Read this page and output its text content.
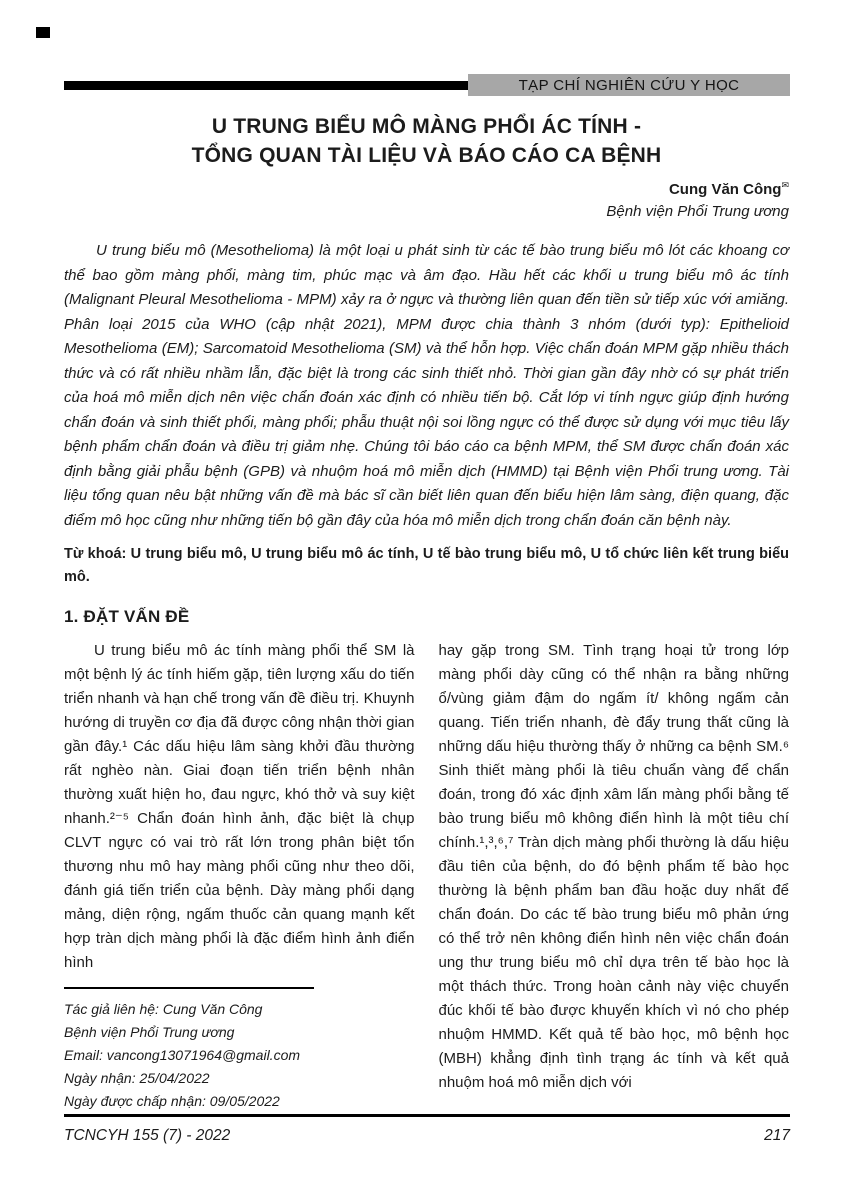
TẠP CHÍ NGHIÊN CỨU Y HỌC
U TRUNG BIỂU MÔ MÀNG PHỔI ÁC TÍNH -
TỔNG QUAN TÀI LIỆU VÀ BÁO CÁO CA BỆNH
Cung Văn Công✉
Bệnh viện Phổi Trung ương

U trung biểu mô (Mesothelioma) là một loại u phát sinh từ các tế bào trung biểu mô lót các khoang cơ thể bao gồm màng phổi, màng tim, phúc mạc và âm đạo. Hầu hết các khối u trung biểu mô ác tính (Malignant Pleural Mesothelioma - MPM) xảy ra ở ngực và thường liên quan đến tiền sử tiếp xúc với amiăng. Phân loại 2015 của WHO (cập nhật 2021), MPM được chia thành 3 nhóm (dưới typ): Epithelioid Mesothelioma (EM); Sarcomatoid Mesothelioma (SM) và thể hỗn hợp. Việc chẩn đoán MPM gặp nhiều thách thức và có rất nhiều nhầm lẫn, đặc biệt là trong các sinh thiết nhỏ. Thời gian gần đây nhờ có sự phát triển của hoá mô miễn dịch nên việc chẩn đoán xác định có nhiều tiến bộ. Cắt lớp vi tính ngực giúp định hướng chẩn đoán và sinh thiết phổi, màng phổi; phẫu thuật nội soi lồng ngực có thể được sử dụng với mục tiêu lấy bệnh phẩm chẩn đoán và điều trị giảm nhẹ. Chúng tôi báo cáo ca bệnh MPM, thể SM được chẩn đoán xác định bằng giải phẫu bệnh (GPB) và nhuộm hoá mô miễn dịch (HMMD) tại Bệnh viện Phổi trung ương. Tài liệu tổng quan nêu bật những vấn đề mà bác sĩ cần biết liên quan đến biểu hiện lâm sàng, điện quang, đặc điểm mô học cũng như những tiến bộ gần đây của hóa mô miễn dịch trong chẩn đoán căn bệnh này.

Từ khoá: U trung biểu mô, U trung biểu mô ác tính, U tế bào trung biểu mô, U tổ chức liên kết trung biểu mô.

1. ĐẶT VẤN ĐỀ

U trung biểu mô ác tính màng phổi thể SM là một bệnh lý ác tính hiếm gặp, tiên lượng xấu do tiến triển nhanh và hạn chế trong vấn đề điều trị. Khuynh hướng di truyền cơ địa đã được công nhận thời gian gần đây.¹ Các dấu hiệu lâm sàng khởi đầu thường rất nghèo nàn. Giai đoạn tiến triển bệnh nhân thường xuất hiện ho, đau ngực, khó thở và suy kiệt nhanh.²⁻⁵ Chẩn đoán hình ảnh, đặc biệt là chụp CLVT ngực có vai trò rất lớn trong phân biệt tổn thương nhu mô hay màng phổi cũng như theo dõi, đánh giá tiến triển của bệnh. Dày màng phổi dạng mảng, diện rộng, ngấm thuốc cản quang mạnh kết hợp tràn dịch màng phổi là đặc điểm hình ảnh điển hình

Tác giả liên hệ: Cung Văn Công
Bệnh viện Phổi Trung ương
Email: vancong13071964@gmail.com
Ngày nhận: 25/04/2022
Ngày được chấp nhận: 09/05/2022

hay gặp trong SM. Tình trạng hoại tử trong lớp màng phổi dày cũng có thể nhận ra bằng những ổ/vùng giảm đậm do ngấm ít/ không ngấm cản quang. Tiến triển nhanh, đè đẩy trung thất cũng là những dấu hiệu thường thấy ở những ca bệnh SM.⁶ Sinh thiết màng phổi là tiêu chuẩn vàng để chẩn đoán, trong đó xác định xâm lấn màng phổi bằng tế bào trung biểu mô không điển hình là một tiêu chí chính.¹,³,⁶,⁷ Tràn dịch màng phổi thường là dấu hiệu đầu tiên của bệnh, do đó bệnh phẩm tế bào học thường là bệnh phẩm ban đầu hoặc duy nhất để chẩn đoán. Do các tế bào trung biểu mô phản ứng có thể trở nên không điển hình nên việc chẩn đoán ung thư trung biểu mô chỉ dựa trên tế bào học là một thách thức. Trong hoàn cảnh này việc chuyển đúc khối tế bào được khuyến khích vì nó cho phép nhuộm HMMD. Kết quả tế bào học, mô bệnh học (MBH) khẳng định tình trạng ác tính và kết quả nhuộm hoá mô miễn dịch với

TCNCYH 155 (7) - 2022	217
